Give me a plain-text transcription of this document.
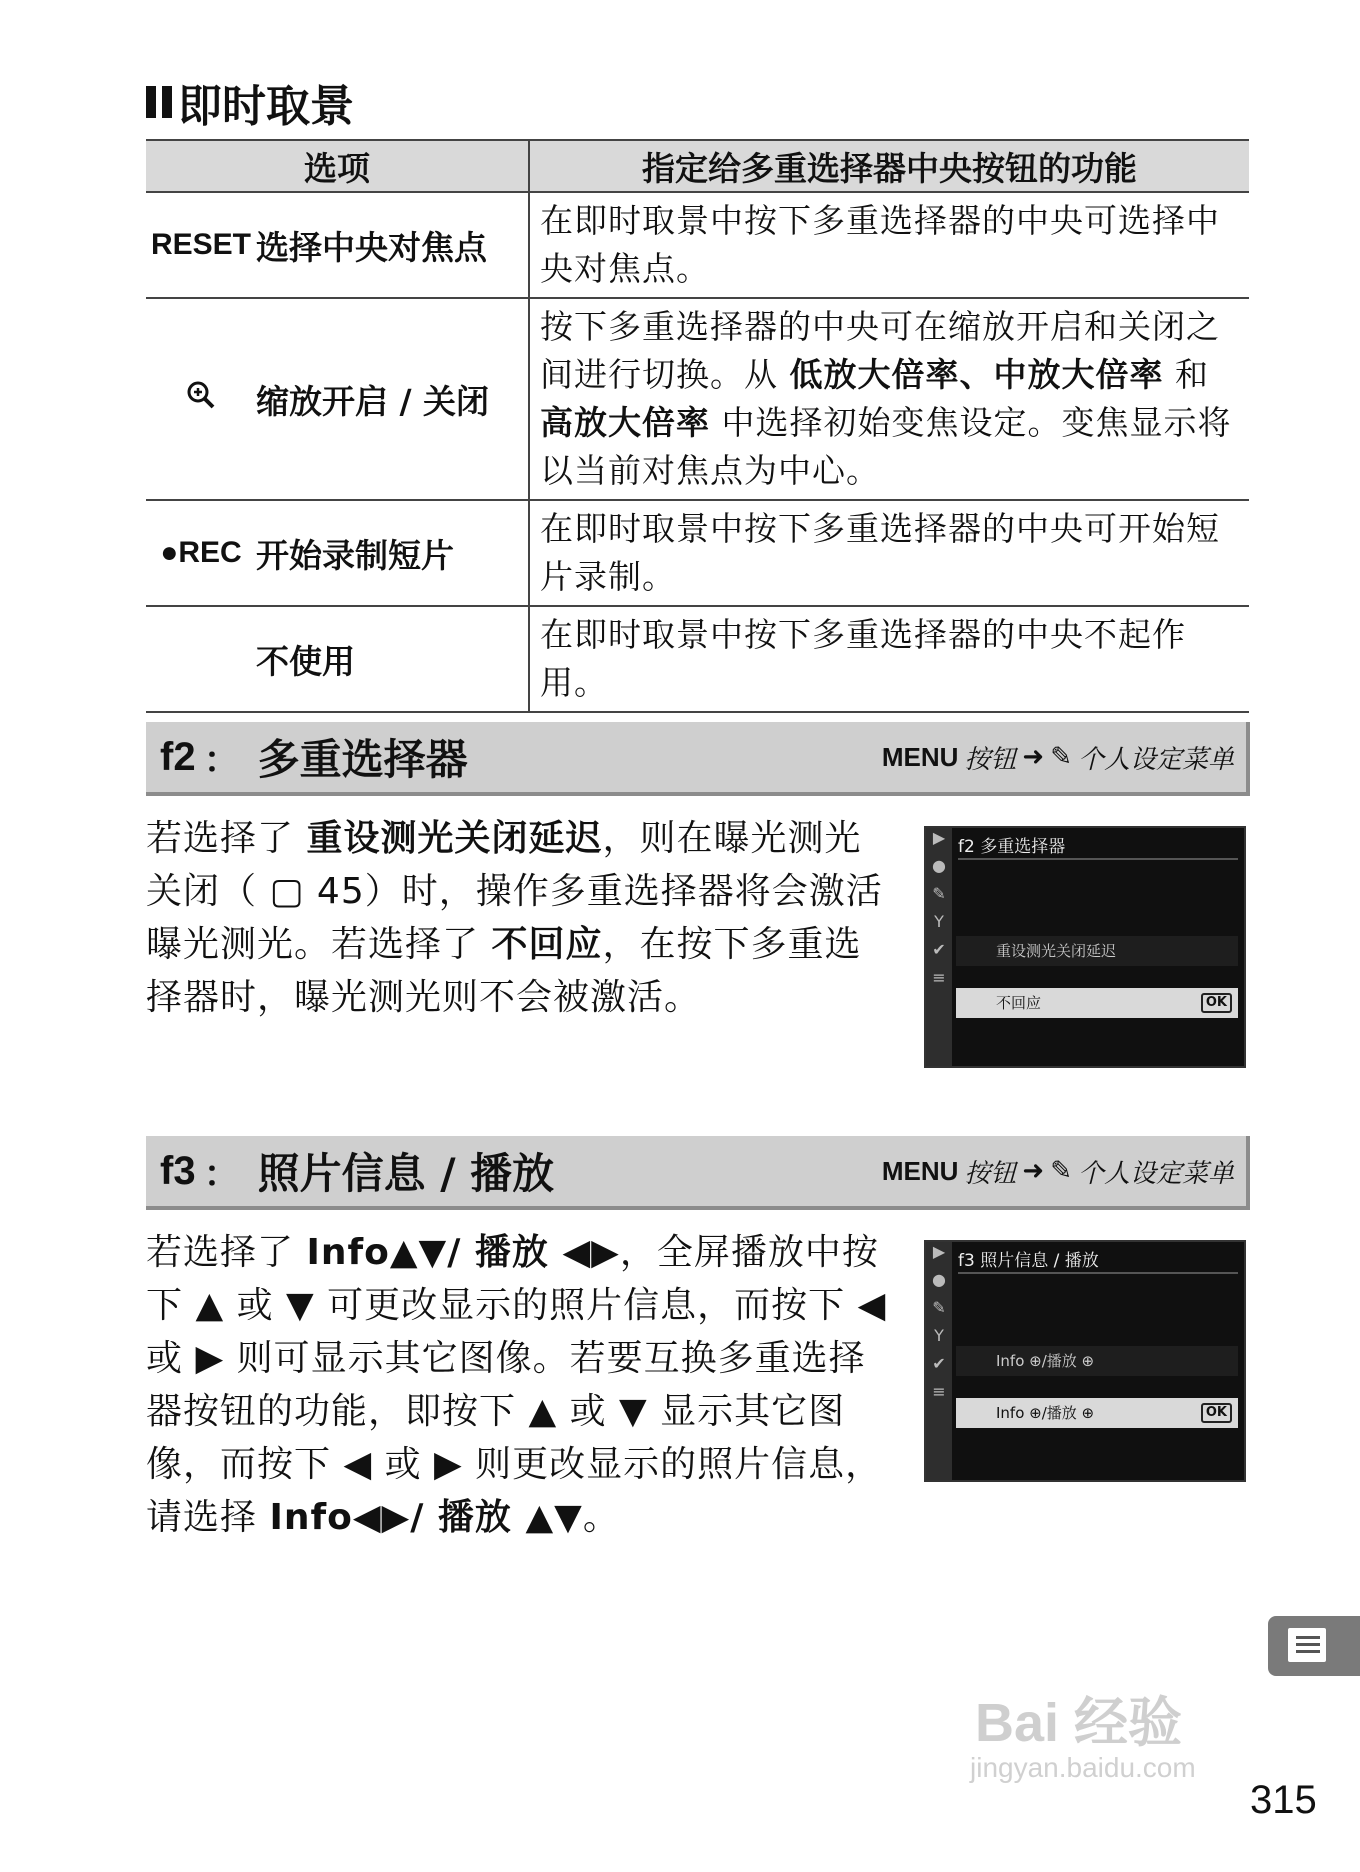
即时取景
选项	指定给多重选择器中央按钮的功能

RESET 选择中央对焦点	在即时取景中按下多重选择器的中央可选择中央对焦点。

缩放开启 / 关闭	按下多重选择器的中央可在缩放开启和关闭之间进行切换。从 低放大倍率、中放大倍率 和 高放大倍率 中选择初始变焦设定。变焦显示将以当前对焦点为中心。

●REC 开始录制短片	在即时取景中按下多重选择器的中央可开始短片录制。

不使用	在即时取景中按下多重选择器的中央不起作用。
f2 ： 多重选择器	MENU 按钮 ➜ ✎ 个人设定菜单
若选择了 重设测光关闭延迟，则在曝光测光关闭（ ▢ 45）时，操作多重选择器将会激活曝光测光。若选择了 不回应，在按下多重选择器时，曝光测光则不会被激活。
▶
●
✎
Y
✔
≡
f2 多重选择器
重设测光关闭延迟
不回应	OK
f3 ： 照片信息 / 播放	MENU 按钮 ➜ ✎ 个人设定菜单
若选择了 Info▲▼/ 播放 ◀▶，全屏播放中按下 ▲ 或 ▼ 可更改显示的照片信息，而按下 ◀ 或 ▶ 则可显示其它图像。若要互换多重选择器按钮的功能，即按下 ▲ 或 ▼ 显示其它图像，而按下 ◀ 或 ▶ 则更改显示的照片信息，请选择 Info◀▶/ 播放 ▲▼。
▶
●
✎
Y
✔
≡
f3 照片信息 / 播放
Info ⊕/播放 ⊕
Info ⊕/播放 ⊕	OK
Bai 经验
jingyan.baidu.com
315
